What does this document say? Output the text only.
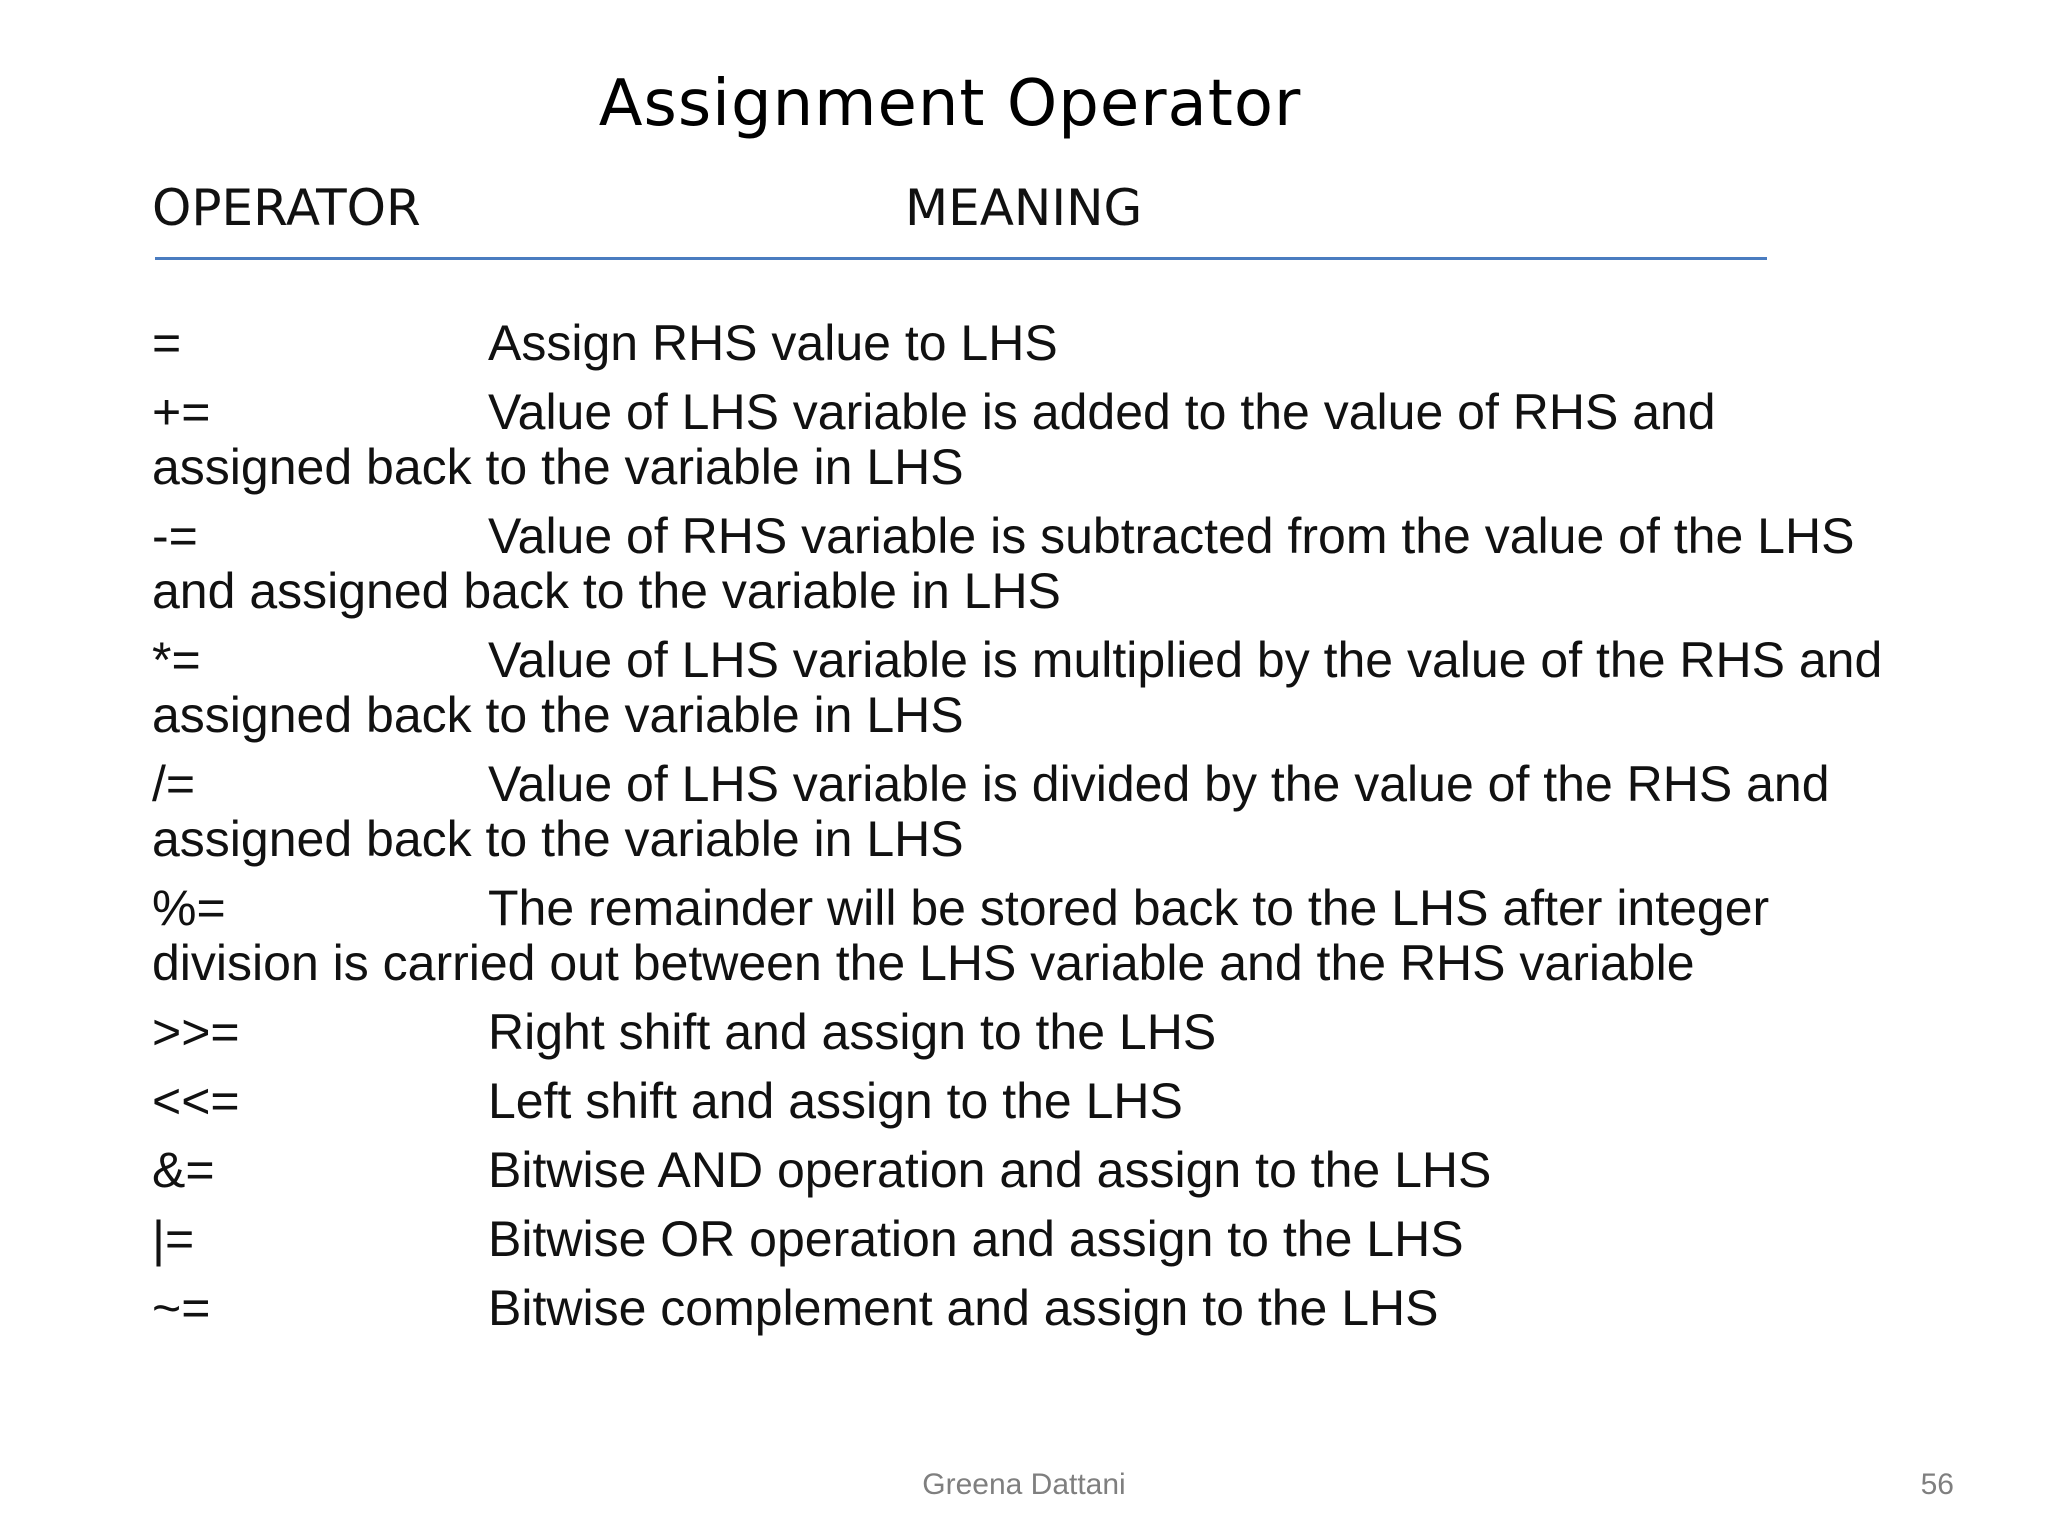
Assignment Operator
OPERATOR	MEANING
=	Assign RHS value to LHS
+=	Value of LHS variable is added to the value of RHS and assigned back to the variable in LHS
-=	Value of RHS variable is subtracted from the value of the LHS and assigned back to the variable in LHS
*=	Value of LHS variable is multiplied by the value of the RHS and assigned back to the variable in LHS
/=	Value of LHS variable is divided by the value of the RHS and assigned back to the variable in LHS
%=	The remainder will be stored back to the LHS after integer division is carried out between the LHS variable and the RHS variable
>>=	Right shift and assign to the LHS
<<=	Left shift and assign to the LHS
&=	Bitwise AND operation and assign to the LHS
|=	Bitwise OR operation and assign to the LHS
~=	Bitwise complement and assign to the LHS
Greena Dattani	56
